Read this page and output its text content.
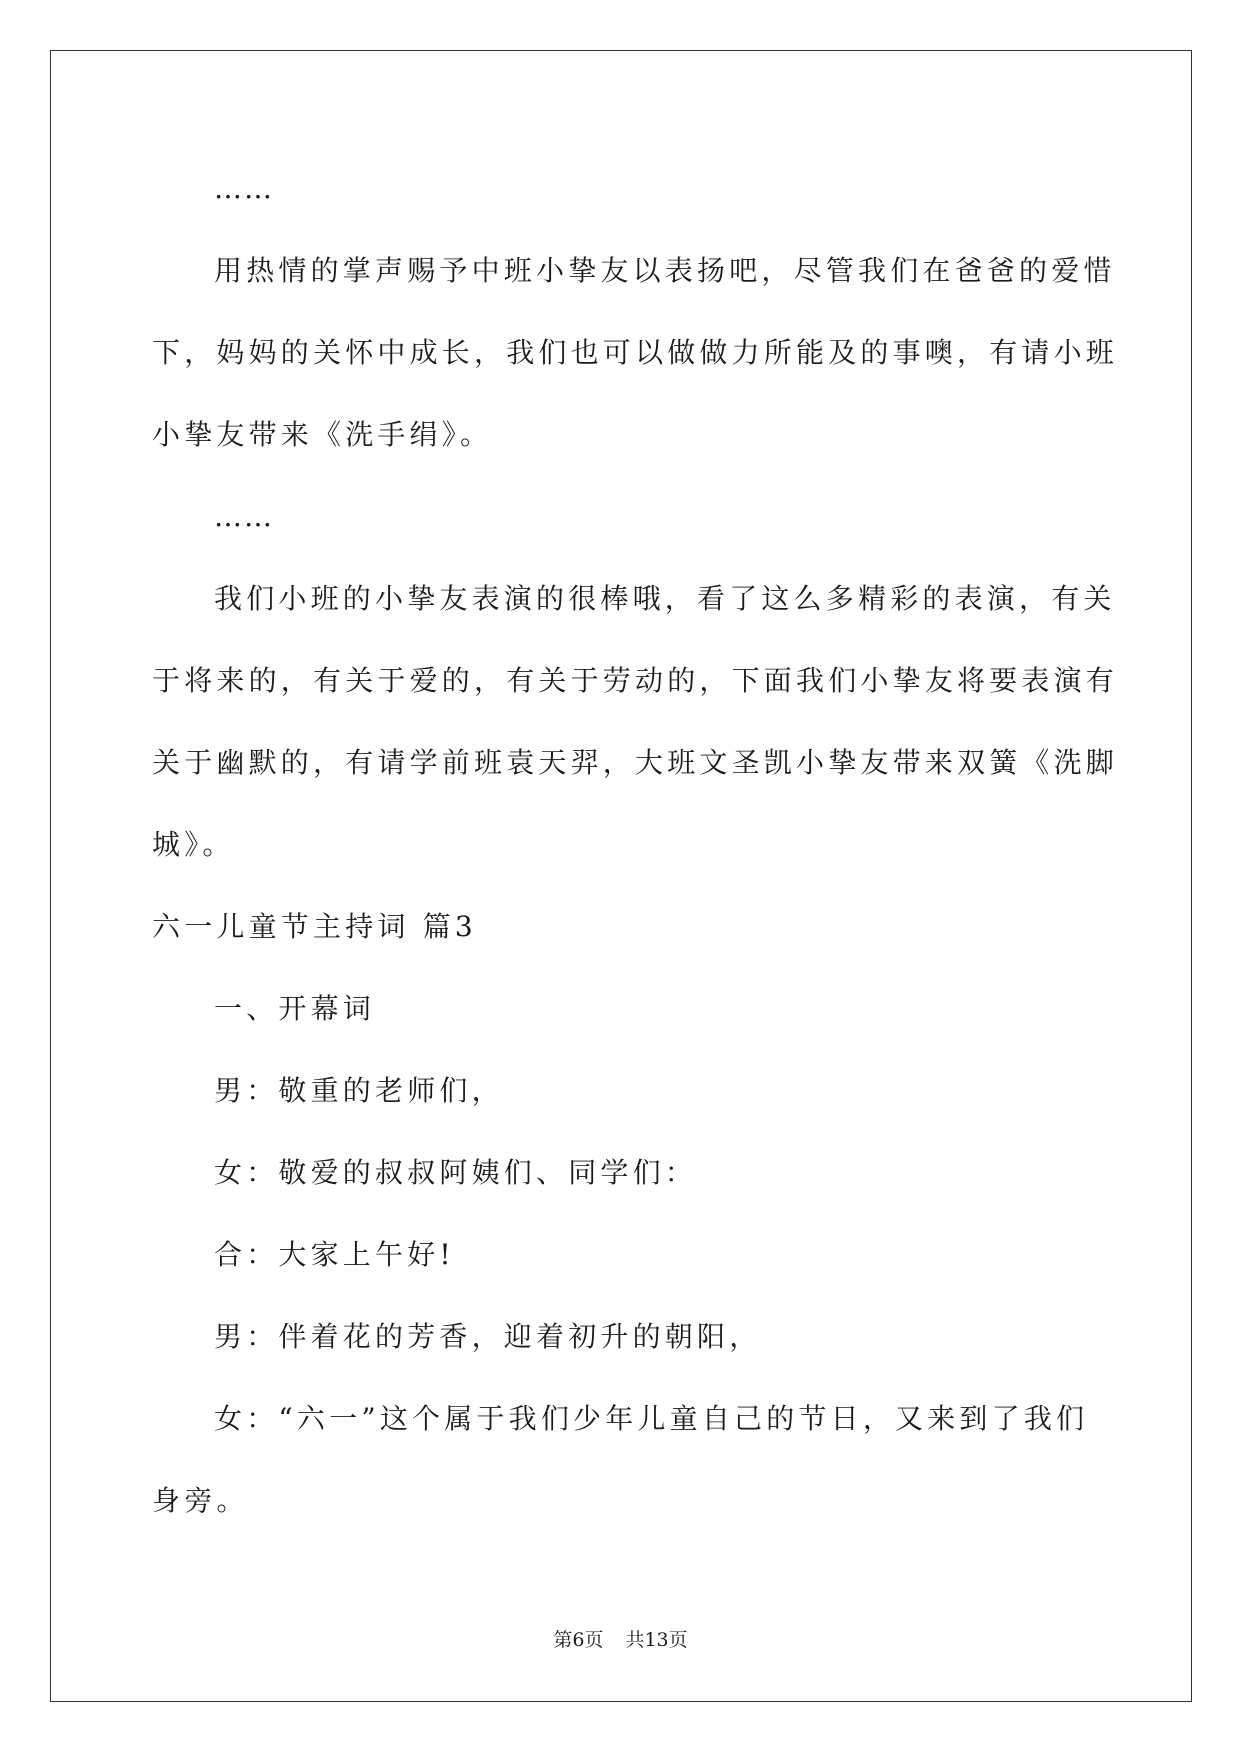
……
用热情的掌声赐予中班小挚友以表扬吧，尽管我们在爸爸的爱惜
下，妈妈的关怀中成长，我们也可以做做力所能及的事噢，有请小班
小挚友带来《洗手绢》。
……
我们小班的小挚友表演的很棒哦，看了这么多精彩的表演，有关
于将来的，有关于爱的，有关于劳动的，下面我们小挚友将要表演有
关于幽默的，有请学前班袁天羿，大班文圣凯小挚友带来双簧《洗脚
城》。
六一儿童节主持词 篇3
一、开幕词
男：敬重的老师们，
女：敬爱的叔叔阿姨们、同学们：
合：大家上午好!
男：伴着花的芳香，迎着初升的朝阳，
女：“六一”这个属于我们少年儿童自己的节日，又来到了我们
身旁。
第6页 共13页
